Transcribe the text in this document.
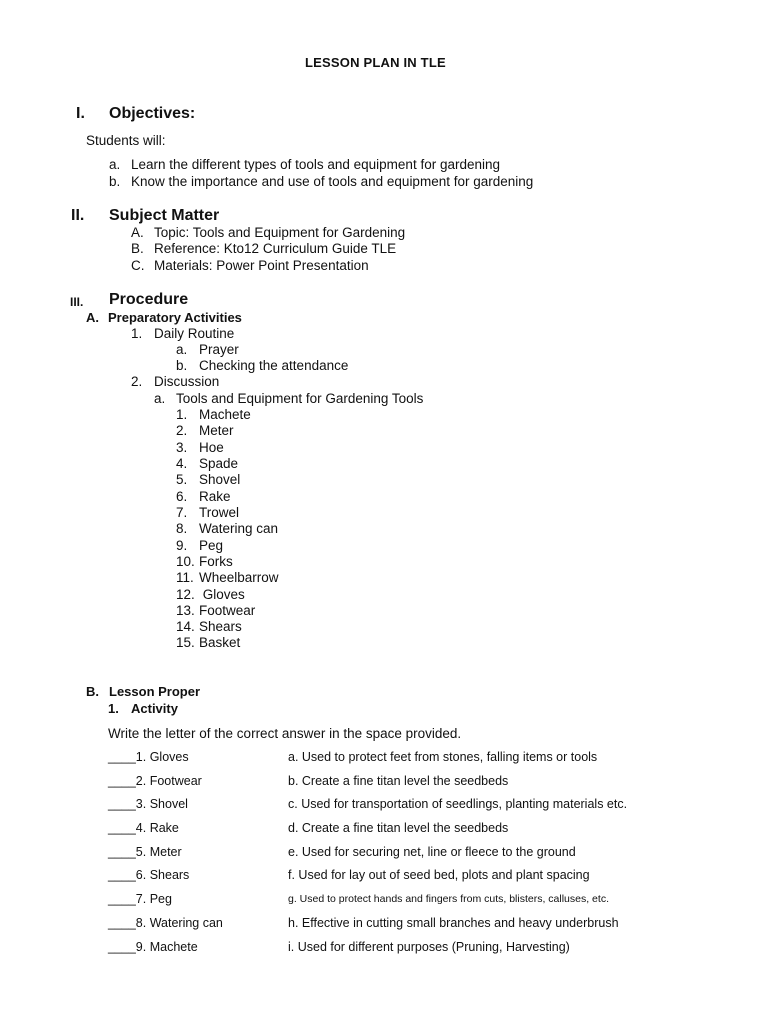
LESSON PLAN IN TLE
I. Objectives:
Students will:
a. Learn the different types of tools and equipment for gardening
b. Know the importance and use of tools and equipment for gardening
II. Subject Matter
A. Topic: Tools and Equipment for Gardening
B. Reference: Kto12 Curriculum Guide TLE
C. Materials: Power Point Presentation
III. Procedure
A. Preparatory Activities
1. Daily Routine
a. Prayer
b. Checking the attendance
2. Discussion
a. Tools and Equipment for Gardening Tools
1. Machete
2. Meter
3. Hoe
4. Spade
5. Shovel
6. Rake
7. Trowel
8. Watering can
9. Peg
10. Forks
11. Wheelbarrow
12. Gloves
13. Footwear
14. Shears
15. Basket
B. Lesson Proper
1. Activity
Write the letter of the correct answer in the space provided.
____1. Gloves	a. Used to protect feet from stones, falling items or tools
____2. Footwear	b. Create a fine titan level the seedbeds
____3. Shovel	c. Used for transportation of seedlings, planting materials etc.
____4. Rake	d. Create a fine titan level the seedbeds
____5. Meter	e. Used for securing net, line or fleece to the ground
____6. Shears	f. Used for lay out of seed bed, plots and plant spacing
____7. Peg	g. Used to protect hands and fingers from cuts, blisters, calluses, etc.
____8. Watering can	h. Effective in cutting small branches and heavy underbrush
____9. Machete	i. Used for different purposes (Pruning, Harvesting)
